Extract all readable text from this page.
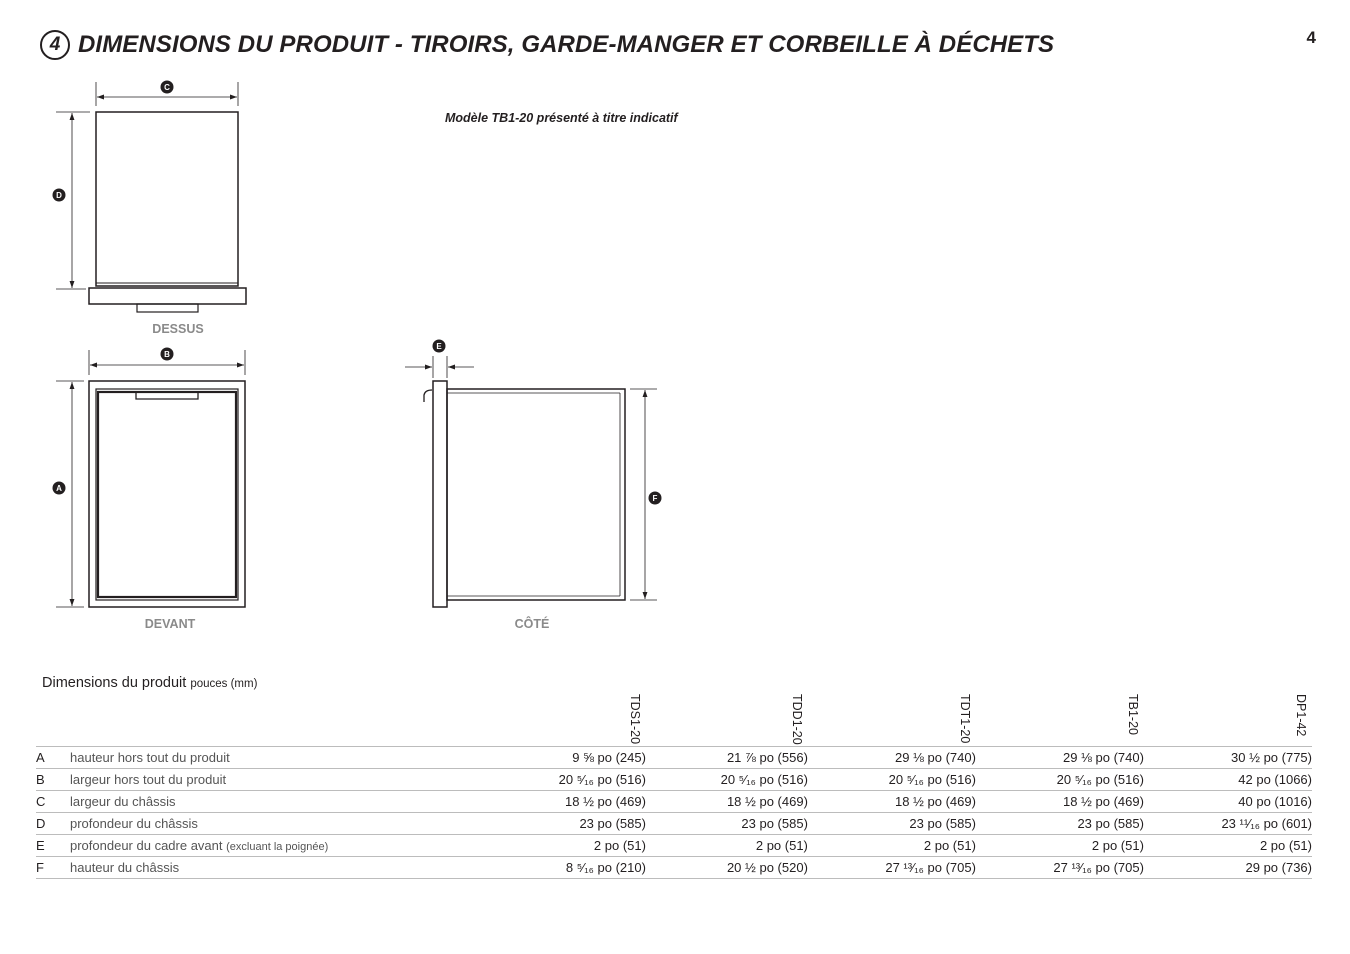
4 DIMENSIONS DU PRODUIT - TIROIRS, GARDE-MANGER ET CORBEILLE À DÉCHETS	4
Modèle TB1-20 présenté à titre indicatif
C
D
DESSUS
B
A
DEVANT
E
F
CÔTÉ
Dimensions du produit pouces (mm)

		TDS1-20	TDD1-20	TDT1-20	TB1-20	DP1-42

A	hauteur hors tout du produit	9 ⅝ po (245)	21 ⅞ po (556)	29 ⅛ po (740)	29 ⅛ po (740)	30 ½ po (775)
B	largeur hors tout du produit	20 ⁵⁄₁₆ po (516)	20 ⁵⁄₁₆ po (516)	20 ⁵⁄₁₆ po (516)	20 ⁵⁄₁₆ po (516)	42 po (1066)
C	largeur du châssis	18 ½ po (469)	18 ½ po (469)	18 ½ po (469)	18 ½ po (469)	40 po (1016)
D	profondeur du châssis	23 po (585)	23 po (585)	23 po (585)	23 po (585)	23 ¹¹⁄₁₆ po (601)
E	profondeur du cadre avant (excluant la poignée)	2 po (51)	2 po (51)	2 po (51)	2 po (51)	2 po (51)
F	hauteur du châssis	8 ⁵⁄₁₆ po (210)	20 ½ po (520)	27 ¹³⁄₁₆ po (705)	27 ¹³⁄₁₆ po (705)	29 po (736)
